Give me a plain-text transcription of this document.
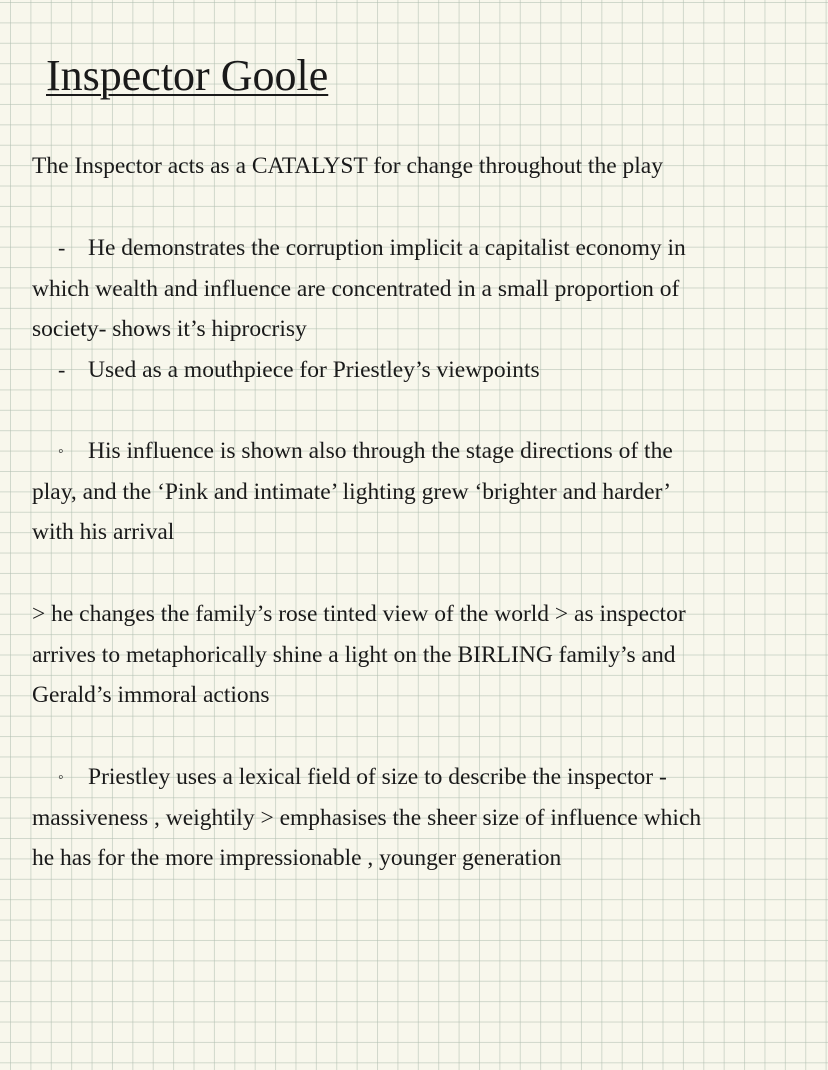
Inspector Goole
The Inspector acts as a CATALYST for change throughout the play
- He demonstrates the corruption implicit a capitalist economy in
which wealth and influence are concentrated in a small proportion of
society- shows it’s hiprocrisy
- Used as a mouthpiece for Priestley’s viewpoints
◦ His influence is shown also through the stage directions of the
play, and the ‘Pink and intimate’ lighting grew ‘brighter and harder’
with his arrival
> he changes the family’s rose tinted view of the world > as inspector
arrives to metaphorically shine a light on the BIRLING family’s and
Gerald’s immoral actions
◦ Priestley uses a lexical field of size to describe the inspector -
massiveness , weightily > emphasises the sheer size of influence which
he has for the more impressionable , younger generation
